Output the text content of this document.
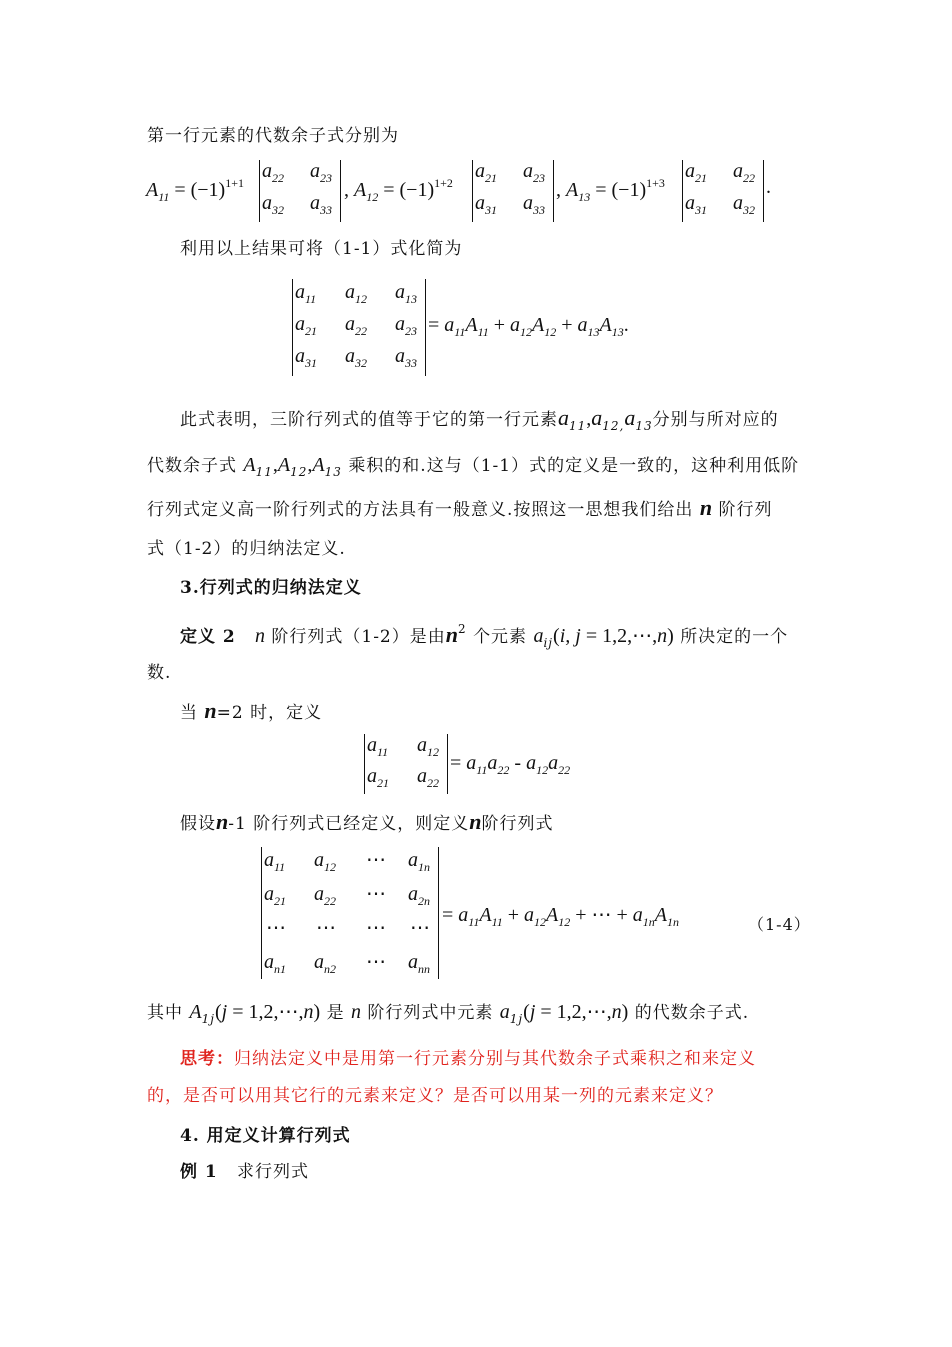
第一行元素的代数余子式分别为
$A_{11} = (-1)^{1+1}$
$a_{22}$ $a_{23}$
$a_{32}$ $a_{33}$
, $A_{12} = (-1)^{1+2}$
$a_{21}$ $a_{23}$
$a_{31}$ $a_{33}$
, $A_{13} = (-1)^{1+3}$
$a_{21}$ $a_{22}$
$a_{31}$ $a_{32}$
.
利用以上结果可将（1-1）式化简为
$a_{11}$ $a_{12}$ $a_{13}$
$a_{21}$ $a_{22}$ $a_{23}$
$a_{31}$ $a_{32}$ $a_{33}$
= $a_{11}A_{11} + a_{12}A_{12} + a_{13}A_{13}$.
此式表明，三阶行列式的值等于它的第一行元素$a_{11},a_{12,}a_{13}$分别与所对应的
代数余子式 $A_{11},A_{12},A_{13}$ 乘积的和.这与（1-1）式的定义是一致的，这种利用低阶
行列式定义高一阶行列式的方法具有一般意义.按照这一思想我们给出 n 阶行列
式（1-2）的归纳法定义.
3.行列式的归纳法定义
定义 2 n 阶行列式（1-2）是由$n^2$ 个元素 $a_{ij}(i$, j = 1,2,⋯,n) 所决定的一个
数.
当 n=2 时，定义
$a_{11}$ $a_{12}$
$a_{21}$ $a_{22}$
= $a_{11}a_{22} - a_{12}a_{22}$
假设n-1 阶行列式已经定义，则定义n阶行列式
$a_{11}$ $a_{12}$ ⋯ $a_{1n}$
$a_{21}$ $a_{22}$ ⋯ $a_{2n}$
⋯ ⋯ ⋯ ⋯
$a_{n1}$ $a_{n2}$ ⋯ $a_{nn}$
= $a_{11}A_{11} + a_{12}A_{12}$ + ⋯ + $a_{1n}A_{1n}$	（1-4）
其中 $A_{1j}(j$ = 1,2,⋯,n) 是 n 阶行列式中元素 $a_{1j}(j$ = 1,2,⋯,n) 的代数余子式.
思考：归纳法定义中是用第一行元素分别与其代数余子式乘积之和来定义
的，是否可以用其它行的元素来定义？是否可以用某一列的元素来定义？
4. 用定义计算行列式
例 1 求行列式
